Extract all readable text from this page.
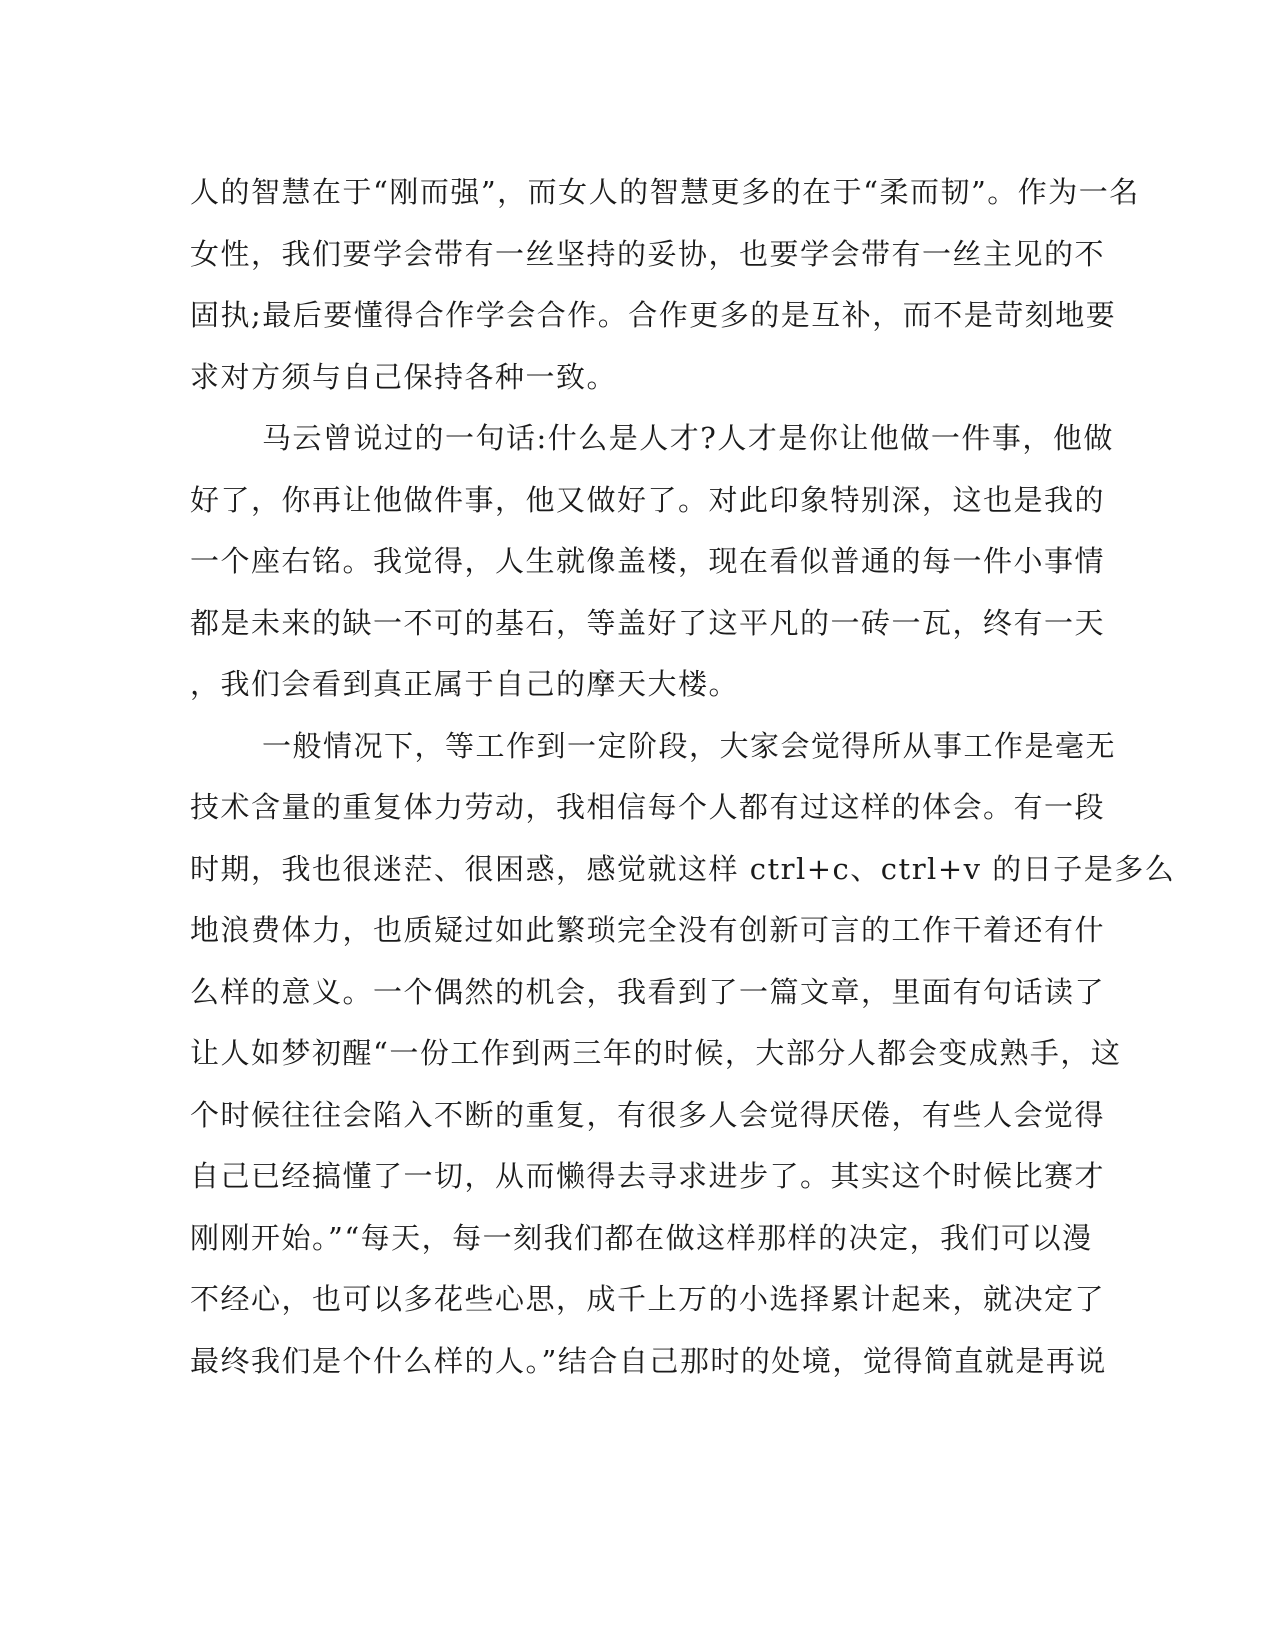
人的智慧在于“刚而强”，而女人的智慧更多的在于“柔而韧”。作为一名
女性，我们要学会带有一丝坚持的妥协，也要学会带有一丝主见的不
固执;最后要懂得合作学会合作。合作更多的是互补，而不是苛刻地要
求对方须与自己保持各种一致。
马云曾说过的一句话:什么是人才?人才是你让他做一件事，他做
好了，你再让他做件事，他又做好了。对此印象特别深，这也是我的
一个座右铭。我觉得，人生就像盖楼，现在看似普通的每一件小事情
都是未来的缺一不可的基石，等盖好了这平凡的一砖一瓦，终有一天
，我们会看到真正属于自己的摩天大楼。
一般情况下，等工作到一定阶段，大家会觉得所从事工作是毫无
技术含量的重复体力劳动，我相信每个人都有过这样的体会。有一段
时期，我也很迷茫、很困惑，感觉就这样 ctrl+c、ctrl+v 的日子是多么
地浪费体力，也质疑过如此繁琐完全没有创新可言的工作干着还有什
么样的意义。一个偶然的机会，我看到了一篇文章，里面有句话读了
让人如梦初醒“一份工作到两三年的时候，大部分人都会变成熟手，这
个时候往往会陷入不断的重复，有很多人会觉得厌倦，有些人会觉得
自己已经搞懂了一切，从而懒得去寻求进步了。其实这个时候比赛才
刚刚开始。”“每天，每一刻我们都在做这样那样的决定，我们可以漫
不经心，也可以多花些心思，成千上万的小选择累计起来，就决定了
最终我们是个什么样的人。”结合自己那时的处境，觉得简直就是再说
